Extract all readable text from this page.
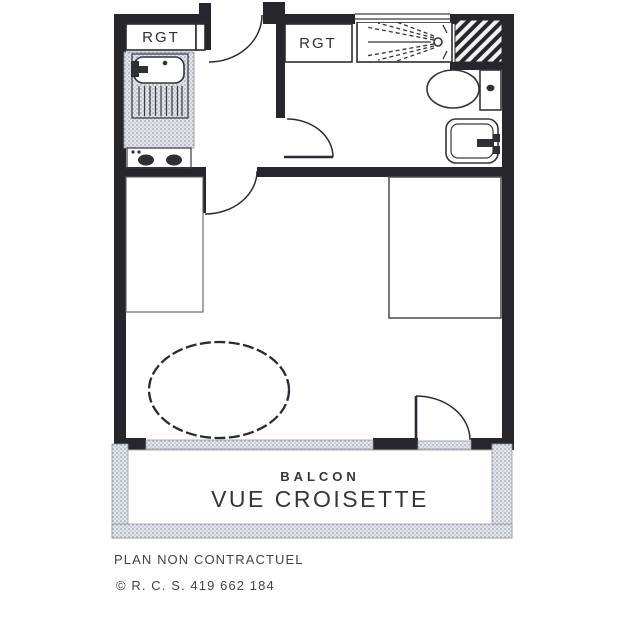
RGT	RGT
BALCON
VUE CROISETTE
PLAN NON CONTRACTUEL
© R. C. S. 419 662 184
